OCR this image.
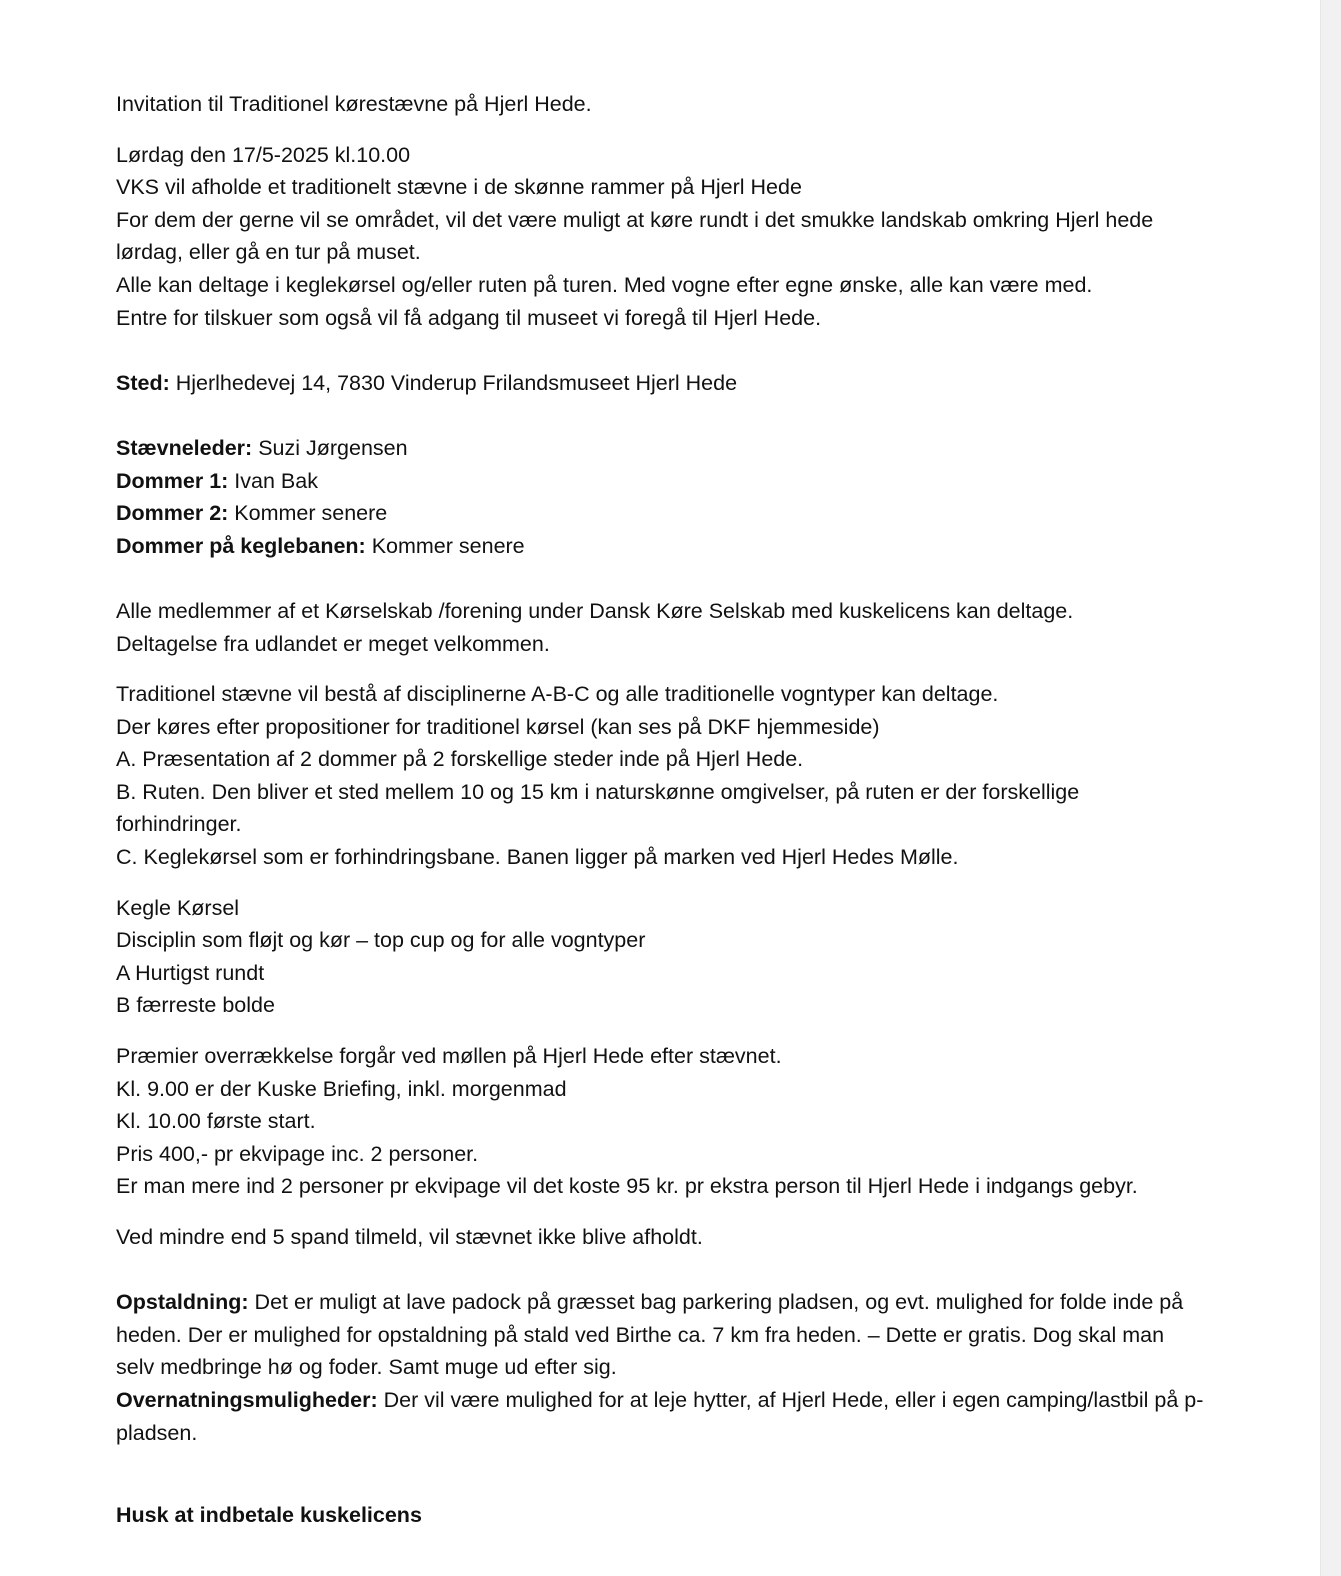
Invitation til Traditionel kørestævne på Hjerl Hede.

Lørdag den 17/5-2025 kl.10.00

VKS vil afholde et traditionelt stævne i de skønne rammer på Hjerl Hede

For dem der gerne vil se området, vil det være muligt at køre rundt i det smukke landskab omkring Hjerl hede lørdag, eller gå en tur på muset.

Alle kan deltage i keglekørsel og/eller ruten på turen. Med vogne efter egne ønske, alle kan være med.

Entre for tilskuer som også vil få adgang til museet vi foregå til Hjerl Hede.

Sted: Hjerlhedevej 14, 7830 Vinderup Frilandsmuseet Hjerl Hede

Stævneleder: Suzi Jørgensen

Dommer 1: Ivan Bak

Dommer 2: Kommer senere

Dommer på keglebanen: Kommer senere

Alle medlemmer af et Kørselskab /forening under Dansk Køre Selskab med kuskelicens kan deltage.

Deltagelse fra udlandet er meget velkommen.

Traditionel stævne vil bestå af disciplinerne A-B-C og alle traditionelle vogntyper kan deltage.

Der køres efter propositioner for traditionel kørsel (kan ses på DKF hjemmeside)

A. Præsentation af 2 dommer på 2 forskellige steder inde på Hjerl Hede.

B. Ruten. Den bliver et sted mellem 10 og 15 km i naturskønne omgivelser, på ruten er der forskellige forhindringer.

C. Keglekørsel som er forhindringsbane. Banen ligger på marken ved Hjerl Hedes Mølle.

Kegle Kørsel

Disciplin som fløjt og kør – top cup og for alle vogntyper

A Hurtigst rundt

B færreste bolde

Præmier overrækkelse forgår ved møllen på Hjerl Hede efter stævnet.

Kl. 9.00 er der Kuske Briefing, inkl. morgenmad

Kl. 10.00 første start.

Pris 400,- pr ekvipage inc. 2 personer.

Er man mere ind 2 personer pr ekvipage vil det koste 95 kr. pr ekstra person til Hjerl Hede i indgangs gebyr.

Ved mindre end 5 spand tilmeld, vil stævnet ikke blive afholdt.

Opstaldning: Det er muligt at lave padock på græsset bag parkering pladsen, og evt. mulighed for folde inde på heden. Der er mulighed for opstaldning på stald ved Birthe ca. 7 km fra heden. – Dette er gratis. Dog skal man selv medbringe hø og foder. Samt muge ud efter sig.

Overnatningsmuligheder: Der vil være mulighed for at leje hytter, af Hjerl Hede, eller i egen camping/lastbil på p-pladsen.

Husk at indbetale kuskelicens
